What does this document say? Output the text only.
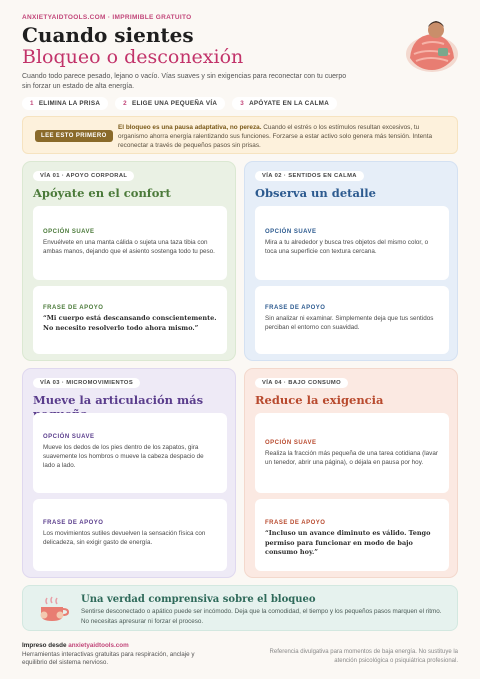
ANXIETYAIDTOOLS.COM · IMPRIMIBLE GRATUITO
Cuando sientes
Bloqueo o desconexión
Cuando todo parece pesado, lejano o vacío. Vías suaves y sin exigencias para reconectar con tu cuerpo sin forzar un estado de alta energía.
1 ELIMINA LA PRISA	2 ELIGE UNA PEQUEÑA VÍA	3 APÓYATE EN LA CALMA
LEE ESTO PRIMERO
El bloqueo es una pausa adaptativa, no pereza. Cuando el estrés o los estímulos resultan excesivos, tu organismo ahorra energía ralentizando sus funciones. Forzarse a estar activo solo genera más tensión. Intenta reconectar a través de pequeños pasos sin prisas.
VÍA 01 · APOYO CORPORAL
Apóyate en el confort
OPCIÓN SUAVE
Envuélvete en una manta cálida o sujeta una taza tibia con ambas manos, dejando que el asiento sostenga todo tu peso.
FRASE DE APOYO
“Mi cuerpo está descansando conscientemente. No necesito resolverlo todo ahora mismo.”
VÍA 02 · SENTIDOS EN CALMA
Observa un detalle
OPCIÓN SUAVE
Mira a tu alrededor y busca tres objetos del mismo color, o toca una superficie con textura cercana.
FRASE DE APOYO
Sin analizar ni examinar. Simplemente deja que tus sentidos perciban el entorno con suavidad.
VÍA 03 · MICROMOVIMIENTOS
Mueve la articulación más
OPCIÓN SUAVE
Mueve los dedos de los pies dentro de los zapatos, gira suavemente los hombros o mueve la cabeza despacio de lado a lado.
FRASE DE APOYO
Los movimientos sutiles devuelven la sensación física con delicadeza, sin exigir gasto de energía.
VÍA 04 · BAJO CONSUMO
Reduce la exigencia
OPCIÓN SUAVE
Realiza la fracción más pequeña de una tarea cotidiana (lavar un tenedor, abrir una página), o déjala en pausa por hoy.
FRASE DE APOYO
“Incluso un avance diminuto es válido. Tengo permiso para funcionar en modo de bajo consumo hoy.”
Una verdad comprensiva sobre el bloqueo
Sentirse desconectado o apático puede ser incómodo. Deja que la comodidad, el tiempo y los pequeños pasos marquen el ritmo. No necesitas apresurar ni forzar el proceso.
Impreso desde anxietyaidtools.com
Herramientas interactivas gratuitas para respiración, anclaje y equilibrio del sistema nervioso.
Referencia divulgativa para momentos de baja energía. No sustituye la atención psicológica o psiquiátrica profesional.
